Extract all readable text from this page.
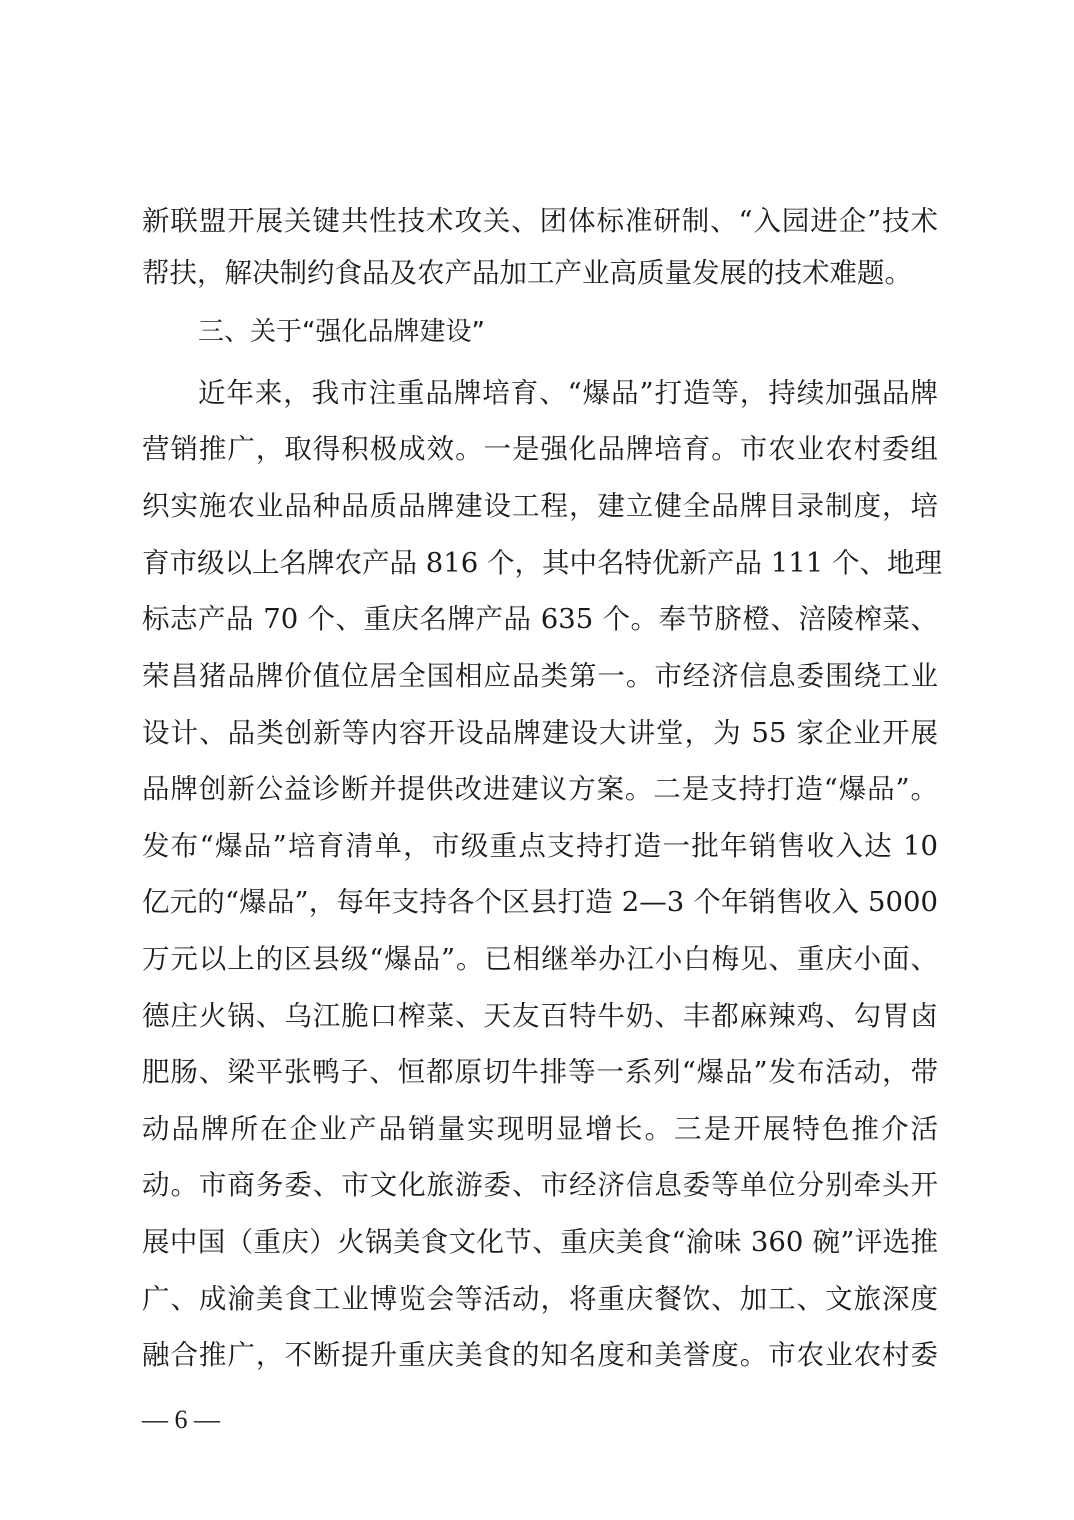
新联盟开展关键共性技术攻关、团体标准研制、“入园进企”技术
帮扶，解决制约食品及农产品加工产业高质量发展的技术难题。
三、关于“强化品牌建设”
近年来，我市注重品牌培育、“爆品”打造等，持续加强品牌
营销推广，取得积极成效。一是强化品牌培育。市农业农村委组
织实施农业品种品质品牌建设工程，建立健全品牌目录制度，培
育市级以上名牌农产品 816 个，其中名特优新产品 111 个、地理
标志产品 70 个、重庆名牌产品 635 个。奉节脐橙、涪陵榨菜、
荣昌猪品牌价值位居全国相应品类第一。市经济信息委围绕工业
设计、品类创新等内容开设品牌建设大讲堂，为 55 家企业开展
品牌创新公益诊断并提供改进建议方案。二是支持打造“爆品”。
发布“爆品”培育清单，市级重点支持打造一批年销售收入达 10
亿元的“爆品”，每年支持各个区县打造 2—3 个年销售收入 5000
万元以上的区县级“爆品”。已相继举办江小白梅见、重庆小面、
德庄火锅、乌江脆口榨菜、天友百特牛奶、丰都麻辣鸡、勾胃卤
肥肠、梁平张鸭子、恒都原切牛排等一系列“爆品”发布活动，带
动品牌所在企业产品销量实现明显增长。三是开展特色推介活
动。市商务委、市文化旅游委、市经济信息委等单位分别牵头开
展中国（重庆）火锅美食文化节、重庆美食“渝味 360 碗”评选推
广、成渝美食工业博览会等活动，将重庆餐饮、加工、文旅深度
融合推广，不断提升重庆美食的知名度和美誉度。市农业农村委
— 6 —
